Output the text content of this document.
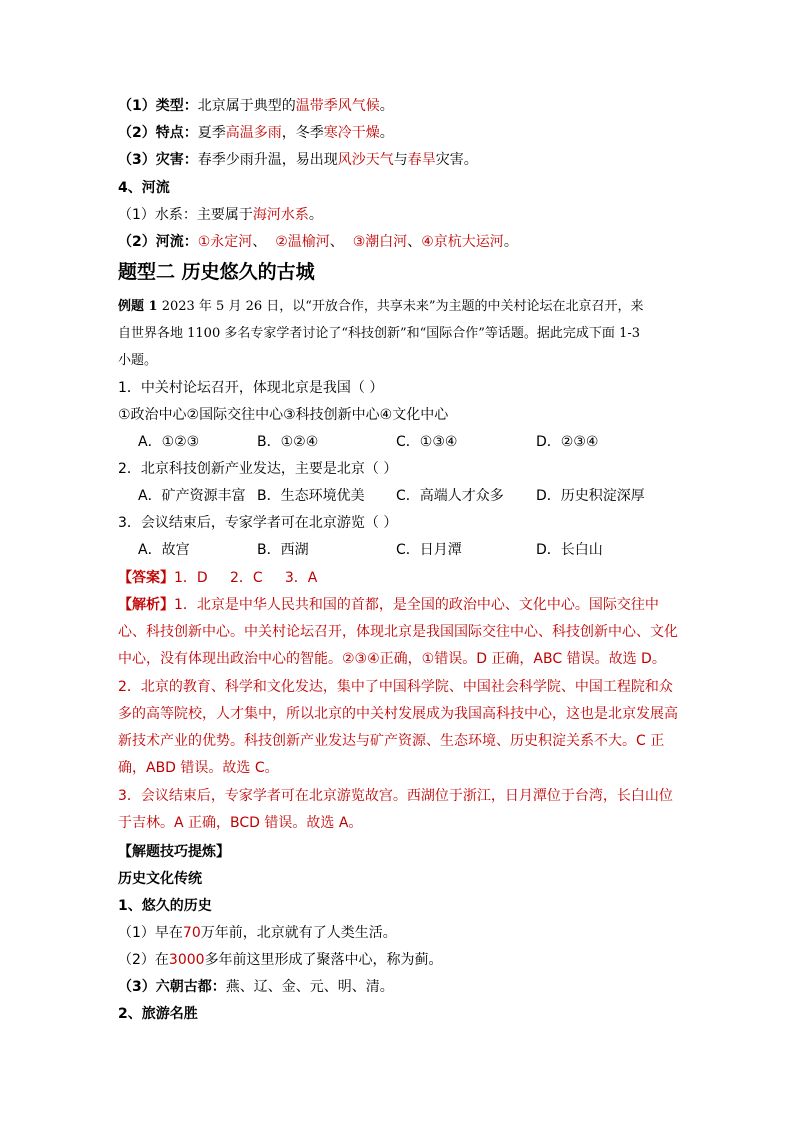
（1）类型：北京属于典型的温带季风气候。
（2）特点：夏季高温多雨，冬季寒冷干燥。
（3）灾害：春季少雨升温，易出现风沙天气与春旱灾害。
4、河流
（1）水系：主要属于海河水系。
（2）河流：①永定河、 ②温榆河、 ③潮白河、④京杭大运河。
题型二 历史悠久的古城
例题 1 2023 年 5 月 26 日，以“开放合作，共享未来”为主题的中关村论坛在北京召开，来
自世界各地 1100 多名专家学者讨论了“科技创新”和“国际合作”等话题。据此完成下面 1-3
小题。
1．中关村论坛召开，体现北京是我国（ ）
①政治中心②国际交往中心③科技创新中心④文化中心
A．①②③	B．①②④	C．①③④	D．②③④
2．北京科技创新产业发达，主要是北京（ ）
A．矿产资源丰富 B．生态环境优美 C．高端人才众多 D．历史积淀深厚
3．会议结束后，专家学者可在北京游览（ ）
A．故宫	B．西湖	C．日月潭	D．长白山
【答案】1．D     2．C     3．A
【解析】1．北京是中华人民共和国的首都，是全国的政治中心、文化中心。国际交往中心、科技创新中心。中关村论坛召开，体现北京是我国国际交往中心、科技创新中心、文化中心，没有体现出政治中心的智能。②③④正确，①错误。D 正确，ABC 错误。故选 D。
2．北京的教育、科学和文化发达，集中了中国科学院、中国社会科学院、中国工程院和众多的高等院校，人才集中，所以北京的中关村发展成为我国高科技中心，这也是北京发展高新技术产业的优势。科技创新产业发达与矿产资源、生态环境、历史积淀关系不大。C 正确，ABD 错误。故选 C。
3．会议结束后，专家学者可在北京游览故宫。西湖位于浙江，日月潭位于台湾，长白山位于吉林。A 正确，BCD 错误。故选 A。
【解题技巧提炼】
历史文化传统
1、悠久的历史
（1）早在70万年前，北京就有了人类生活。
（2）在3000多年前这里形成了聚落中心，称为蓟。
（3）六朝古都：燕、辽、金、元、明、清。
2、旅游名胜
